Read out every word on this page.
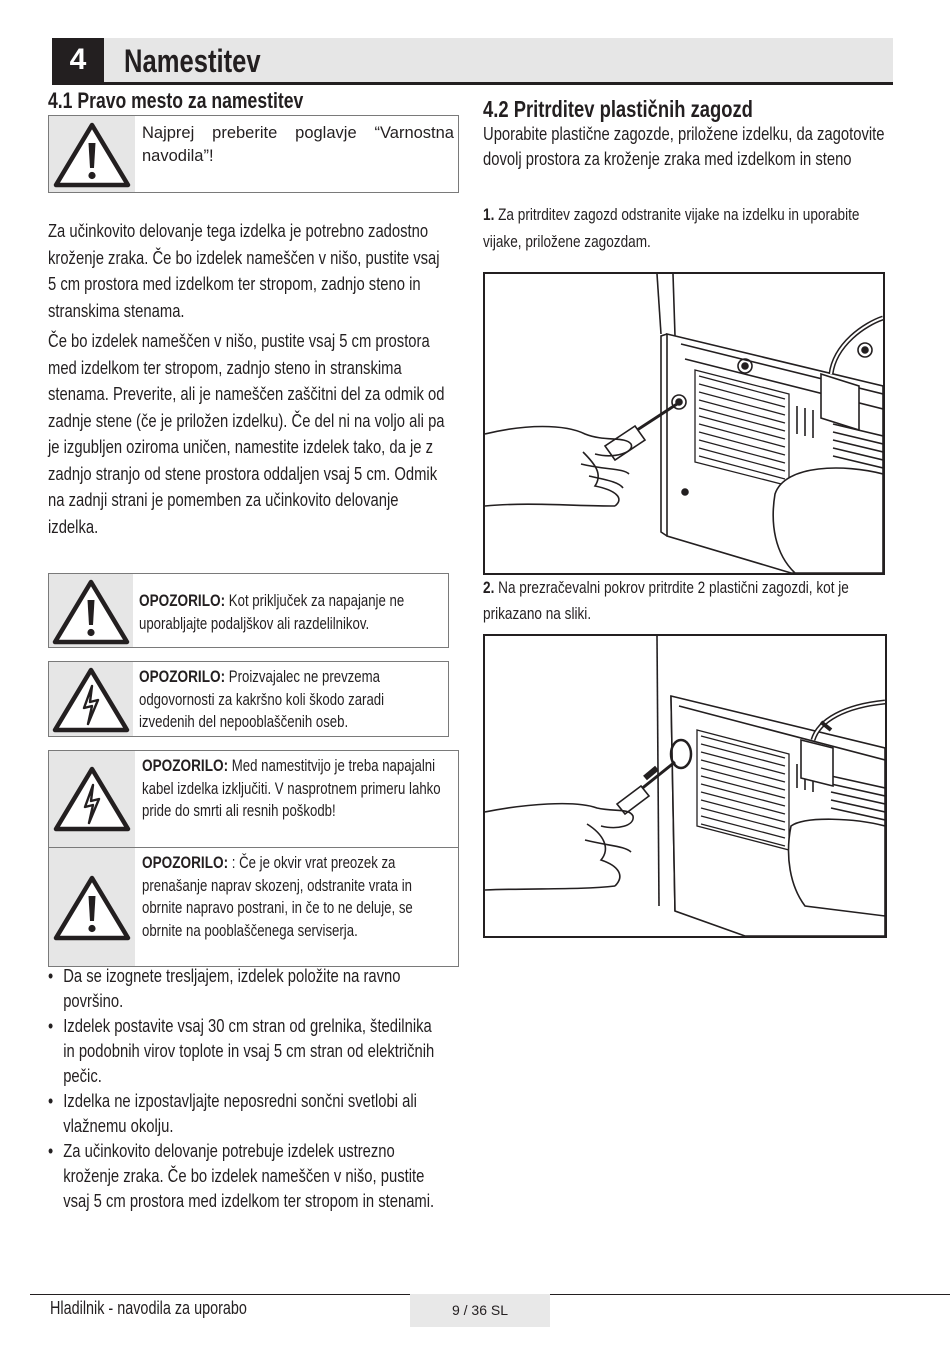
4	Namestitev
4.1 Pravo mesto za namestitev
Najprej preberite poglavje “Varnostna navodila”!
Za učinkovito delovanje tega izdelka je potrebno zadostno kroženje zraka. Če bo izdelek nameščen v nišo, pustite vsaj 5 cm prostora med izdelkom ter stropom, zadnjo steno in stranskima stenama.
Če bo izdelek nameščen v nišo, pustite vsaj 5 cm prostora med izdelkom ter stropom, zadnjo steno in stranskima stenama. Preverite, ali je nameščen zaščitni del za odmik od zadnje stene (če je priložen izdelku). Če del ni na voljo ali pa je izgubljen oziroma uničen, namestite izdelek tako, da je z zadnjo stranjo od stene prostora oddaljen vsaj 5 cm. Odmik na zadnji strani je pomemben za učinkovito delovanje izdelka.
OPOZORILO: Kot priključek za napajanje ne uporabljajte podaljškov ali razdelilnikov.
OPOZORILO: Proizvajalec ne prevzema odgovornosti za kakršno koli škodo zaradi izvedenih del nepooblaščenih oseb.
OPOZORILO: Med namestitvijo je treba napajalni kabel izdelka izključiti. V nasprotnem primeru lahko pride do smrti ali resnih poškodb!
OPOZORILO: : Če je okvir vrat preozek za prenašanje naprav skozenj, odstranite vrata in obrnite napravo postrani, in če to ne deluje, se obrnite na pooblaščenega serviserja.
• Da se izognete tresljajem, izdelek položite na ravno površino.
• Izdelek postavite vsaj 30 cm stran od grelnika, štedilnika in podobnih virov toplote in vsaj 5 cm stran od električnih pečic.
• Izdelka ne izpostavljajte neposredni sončni svetlobi ali vlažnemu okolju.
• Za učinkovito delovanje potrebuje izdelek ustrezno kroženje zraka. Če bo izdelek nameščen v nišo, pustite vsaj 5 cm prostora med izdelkom ter stropom in stenami.
4.2 Pritrditev plastičnih zagozd
Uporabite plastične zagozde, priložene izdelku, da zagotovite dovolj prostora za kroženje zraka med izdelkom in steno
1. Za pritrditev zagozd odstranite vijake na izdelku in uporabite vijake, priložene zagozdam.
2. Na prezračevalni pokrov pritrdite 2 plastični zagozdi, kot je prikazano na sliki.
Hladilnik - navodila za uporabo	9 / 36 SL
